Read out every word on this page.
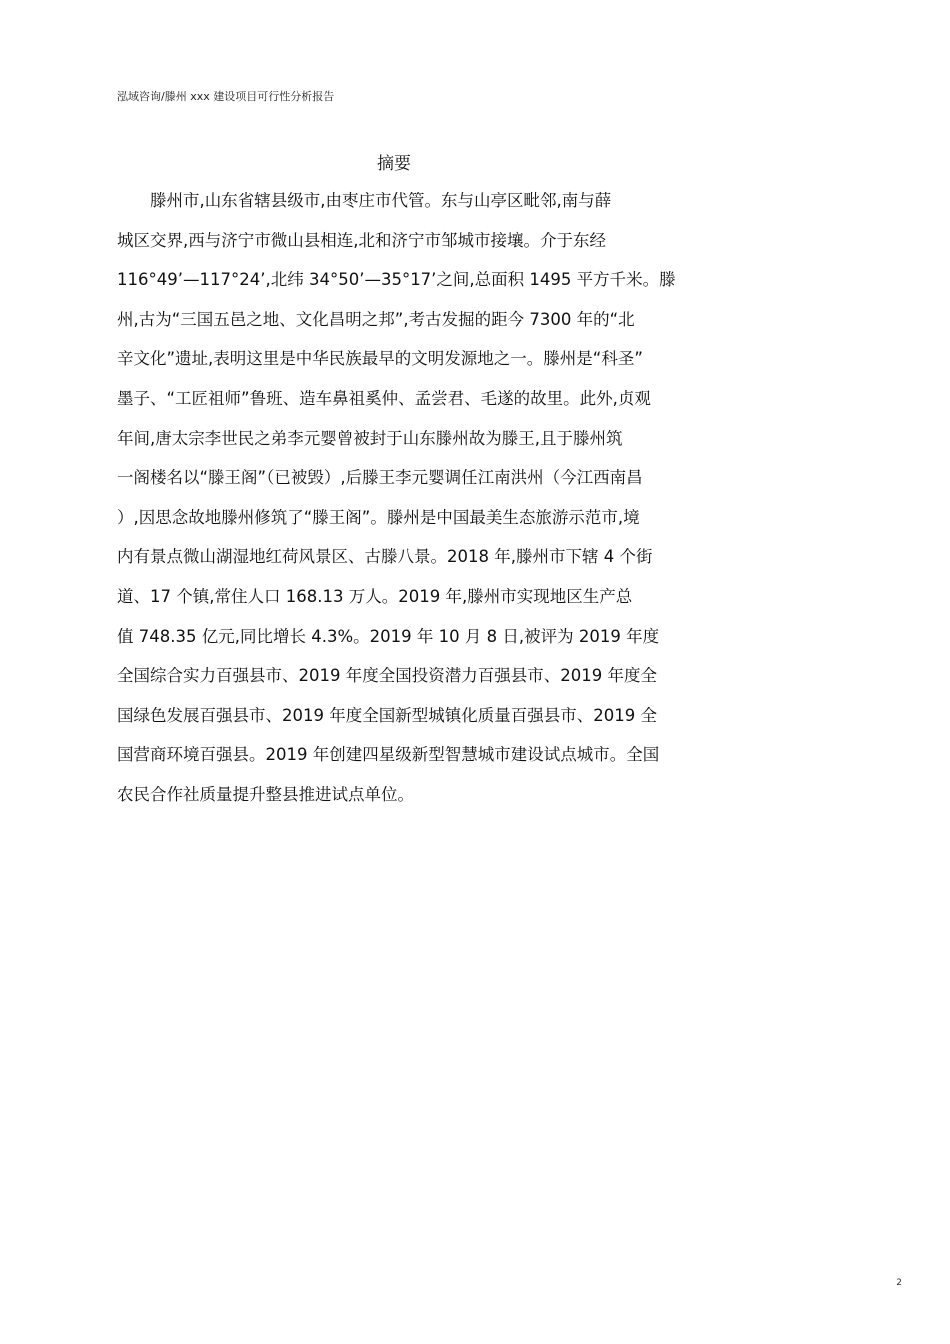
泓域咨询/滕州 xxx 建设项目可行性分析报告
摘要
滕州市,山东省辖县级市,由枣庄市代管。东与山亭区毗邻,南与薛
城区交界,西与济宁市微山县相连,北和济宁市邹城市接壤。介于东经
116°49’—117°24’,北纬 34°50’—35°17’之间,总面积 1495 平方千米。滕
州,古为“三国五邑之地、文化昌明之邦”,考古发掘的距今 7300 年的“北
辛文化”遗址,表明这里是中华民族最早的文明发源地之一。滕州是“科圣”
墨子、“工匠祖师”鲁班、造车鼻祖奚仲、孟尝君、毛遂的故里。此外,贞观
年间,唐太宗李世民之弟李元婴曾被封于山东滕州故为滕王,且于滕州筑
一阁楼名以“滕王阁”（已被毁）,后滕王李元婴调任江南洪州（今江西南昌
）,因思念故地滕州修筑了“滕王阁”。滕州是中国最美生态旅游示范市,境
内有景点微山湖湿地红荷风景区、古滕八景。2018 年,滕州市下辖 4 个街
道、17 个镇,常住人口 168.13 万人。2019 年,滕州市实现地区生产总
值 748.35 亿元,同比增长 4.3%。2019 年 10 月 8 日,被评为 2019 年度
全国综合实力百强县市、2019 年度全国投资潜力百强县市、2019 年度全
国绿色发展百强县市、2019 年度全国新型城镇化质量百强县市、2019 全
国营商环境百强县。2019 年创建四星级新型智慧城市建设试点城市。全国
农民合作社质量提升整县推进试点单位。
2
